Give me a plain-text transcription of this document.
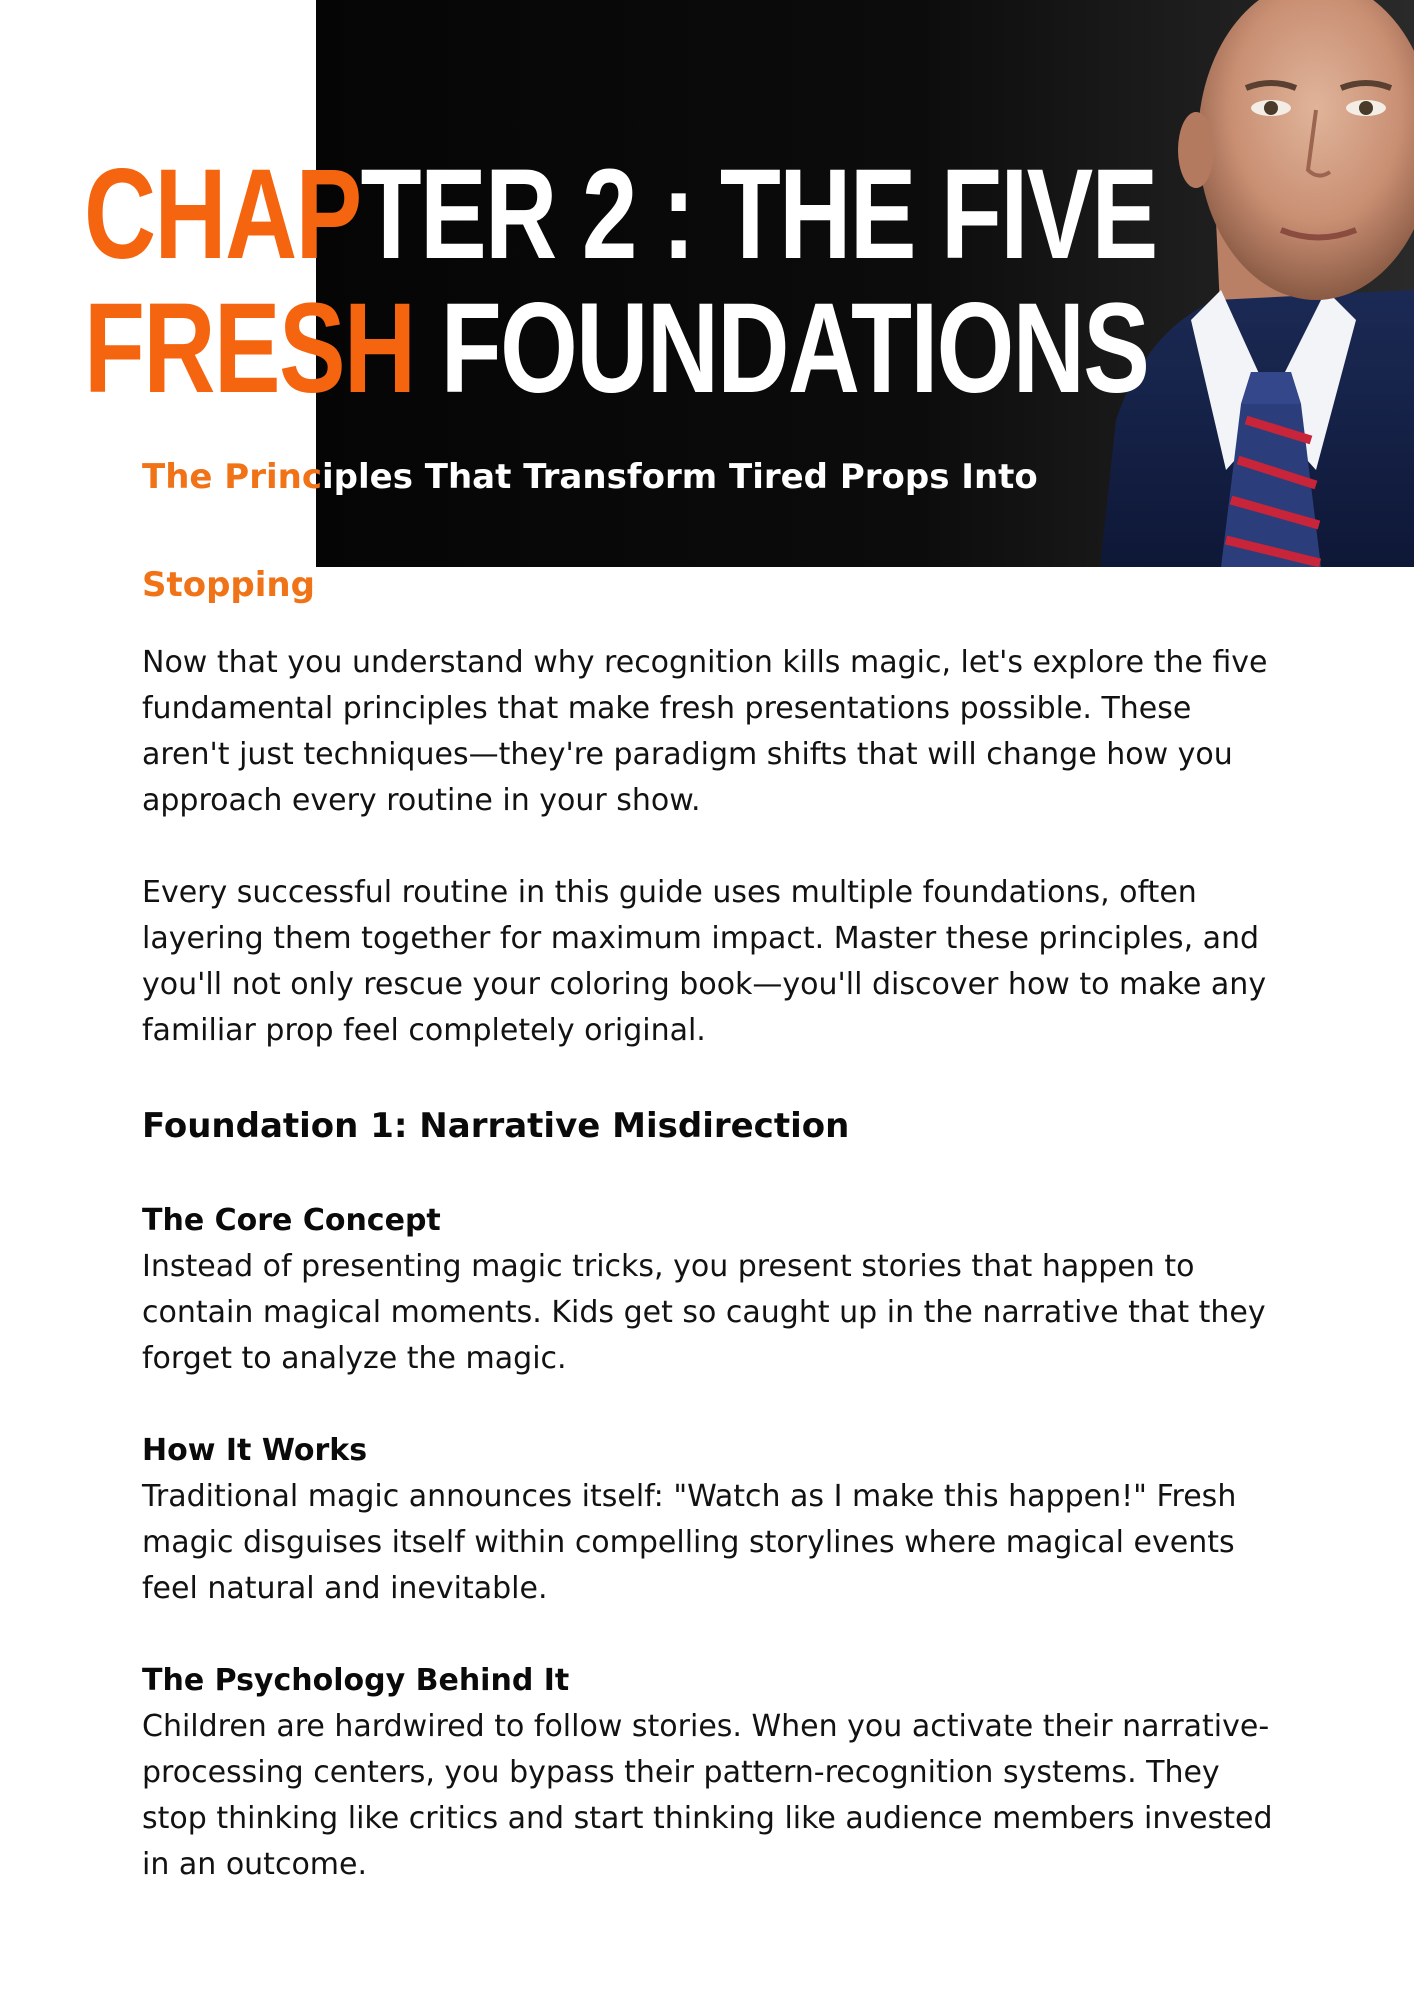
CHAPTER 2 : THE FIVE
FRESH FOUNDATIONS
The Principles That Transform Tired Props Into Show-
Stopping Moments

Now that you understand why recognition kills magic, let's explore the five fundamental principles that make fresh presentations possible. These aren't just techniques—they're paradigm shifts that will change how you approach every routine in your show.

Every successful routine in this guide uses multiple foundations, often layering them together for maximum impact. Master these principles, and you'll not only rescue your coloring book—you'll discover how to make any familiar prop feel completely original.

Foundation 1: Narrative Misdirection
The Core Concept

Instead of presenting magic tricks, you present stories that happen to contain magical moments. Kids get so caught up in the narrative that they forget to analyze the magic.

How It Works

Traditional magic announces itself: "Watch as I make this happen!" Fresh magic disguises itself within compelling storylines where magical events feel natural and inevitable.

The Psychology Behind It

Children are hardwired to follow stories. When you activate their narrative-processing centers, you bypass their pattern-recognition systems. They stop thinking like critics and start thinking like audience members invested in an outcome.
